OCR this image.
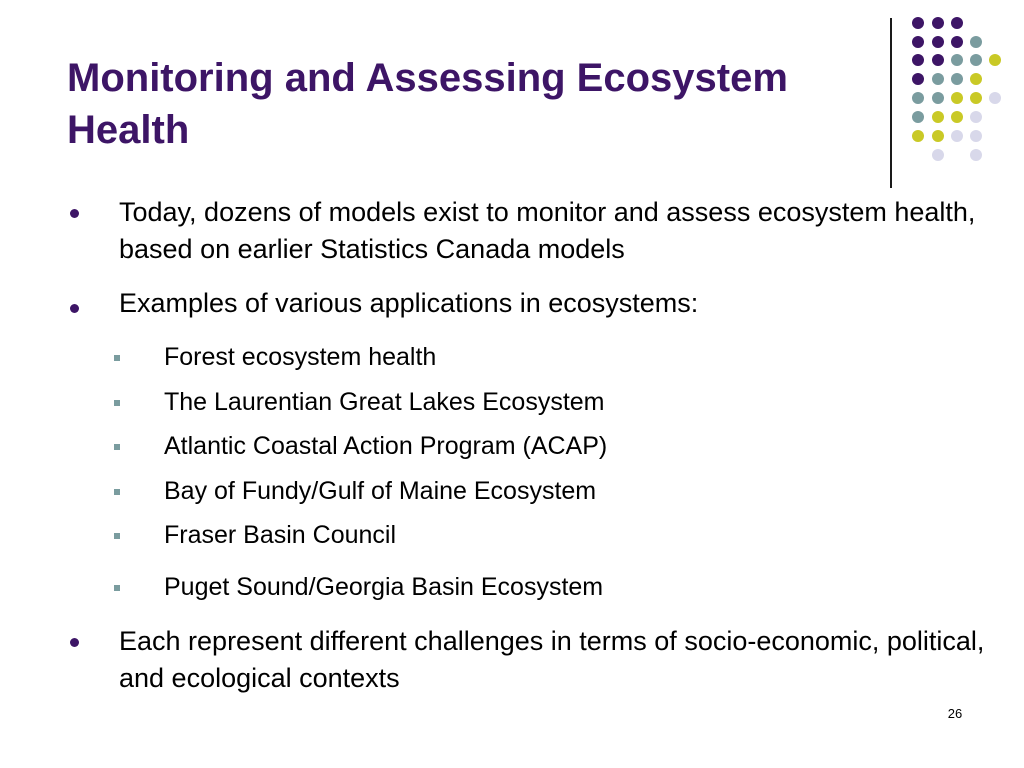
Monitoring and Assessing Ecosystem Health

Today, dozens of models exist to monitor and assess ecosystem health, based on earlier Statistics Canada models

Examples of various applications in ecosystems:

Forest ecosystem health

The Laurentian Great Lakes Ecosystem

Atlantic Coastal Action Program (ACAP)

Bay of Fundy/Gulf of Maine Ecosystem

Fraser Basin Council

Puget Sound/Georgia Basin Ecosystem

Each represent different challenges in terms of socio-economic, political, and ecological contexts

26
